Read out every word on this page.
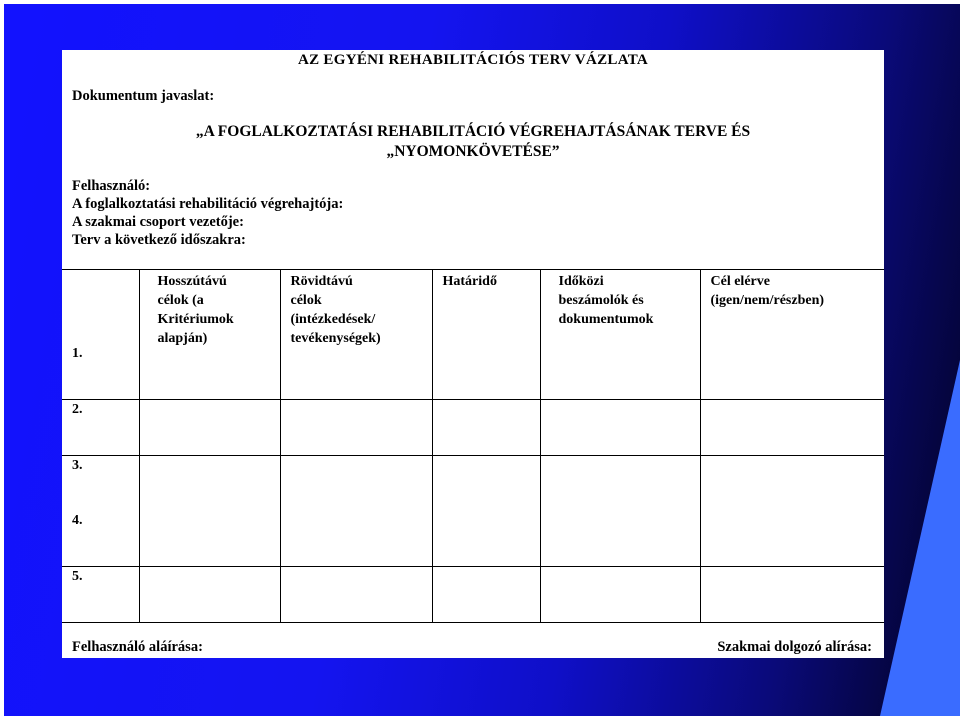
AZ EGYÉNI REHABILITÁCIÓS TERV VÁZLATA
Dokumentum javaslat:
„A FOGLALKOZTATÁSI REHABILITÁCIÓ VÉGREHAJTÁSÁNAK TERVE ÉS
„NYOMONKÖVETÉSE”
Felhasználó:
A foglalkoztatási rehabilitáció végrehajtója:
A szakmai csoport vezetője:
Terv a következő időszakra:
1.	Hosszútávú
célok (a
Kritériumok
alapján)	Rövidtávú
célok
(intézkedések/
tevékenységek)	Határidő	Időközi
beszámolók és
dokumentumok	Cél elérve
(igen/nem/részben)

2.					

3.
4.					

5.					

Felhasználó aláírása:	Szakmai dolgozó alírása:
